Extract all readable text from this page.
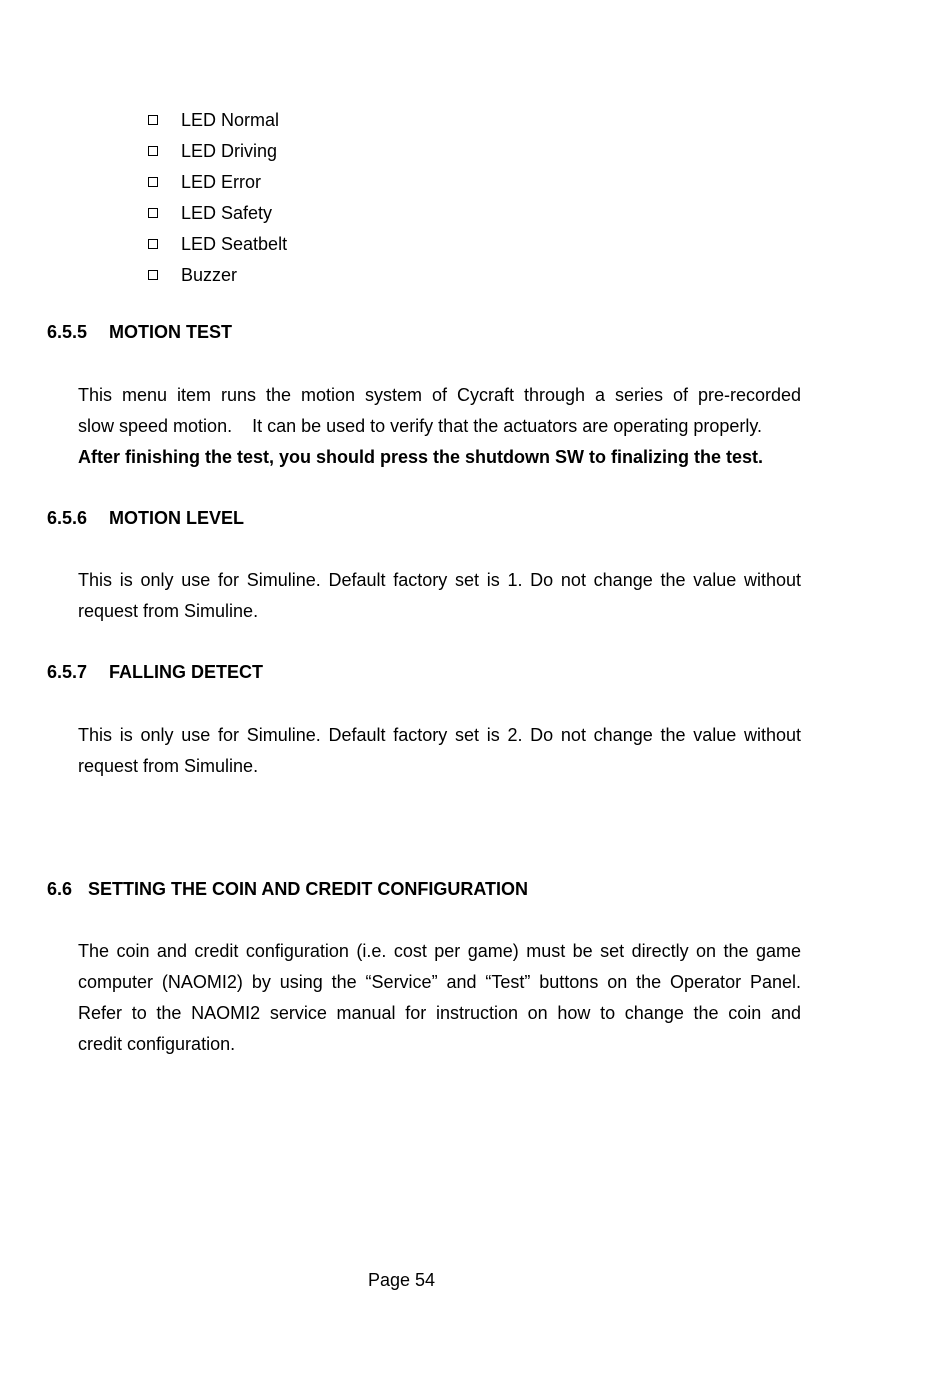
LED Normal
LED Driving
LED Error
LED Safety
LED Seatbelt
Buzzer
6.5.5 MOTION TEST
This menu item runs the motion system of Cycraft through a series of pre-recorded
slow speed motion.    It can be used to verify that the actuators are operating properly.
After finishing the test, you should press the shutdown SW to finalizing the test.
6.5.6 MOTION LEVEL
This is only use for Simuline. Default factory set is 1. Do not change the value without
request from Simuline.
6.5.7 FALLING DETECT
This is only use for Simuline. Default factory set is 2. Do not change the value without
request from Simuline.
6.6 SETTING THE COIN AND CREDIT CONFIGURATION
The coin and credit configuration (i.e. cost per game) must be set directly on the game
computer (NAOMI2) by using the “Service” and “Test” buttons on the Operator Panel.
Refer to the NAOMI2 service manual for instruction on how to change the coin and
credit configuration.
Page 54
